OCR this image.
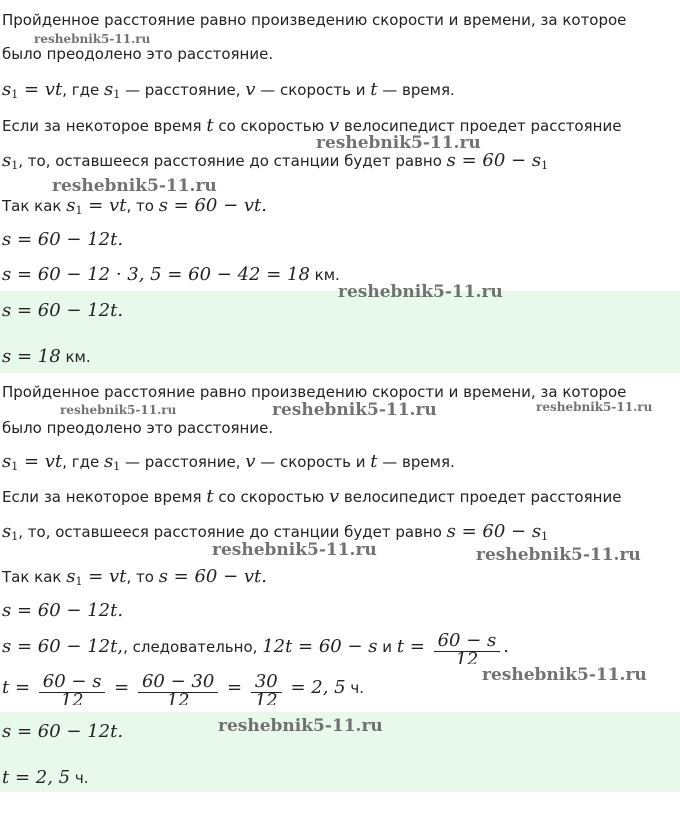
Пройденное расстояние равно произведению скорости и времени, за которое
было преодолено это расстояние.
$s_1$ = vt, где $s_1$ — расстояние, v — скорость и t — время.
Если за некоторое время t со скоростью v велосипедист проедет расстояние
$s_1$, то, оставшееся расстояние до станции будет равно $s = 60 - s_1$
Так как $s_1$ = vt, то s = 60 − vt.
s = 60 − 12t.
s = 60 − 12 · 3, 5 = 60 − 42 = 18 км.
s = 60 − 12t.
s = 18 км.
Пройденное расстояние равно произведению скорости и времени, за которое
было преодолено это расстояние.
$s_1$ = vt, где $s_1$ — расстояние, v — скорость и t — время.
Если за некоторое время t со скоростью v велосипедист проедет расстояние
$s_1$, то, оставшееся расстояние до станции будет равно $s = 60 - s_1$
Так как $s_1$ = vt, то s = 60 − vt.
s = 60 − 12t.
s = 60 − 12t,, следовательно, 12t = 60 − s и $t = \frac{60 - s}{12}$ .
$t = \frac{60 - s}{12} = \frac{60 - 30}{12} = \frac{30}{12} = 2$, 5 ч.
s = 60 − 12t.
t = 2, 5 ч.
reshebnik5-11.ru
reshebnik5-11.ru
reshebnik5-11.ru
reshebnik5-11.ru
reshebnik5-11.ru	reshebnik5-11.ru	reshebnik5-11.ru
reshebnik5-11.ru	reshebnik5-11.ru
reshebnik5-11.ru
reshebnik5-11.ru
